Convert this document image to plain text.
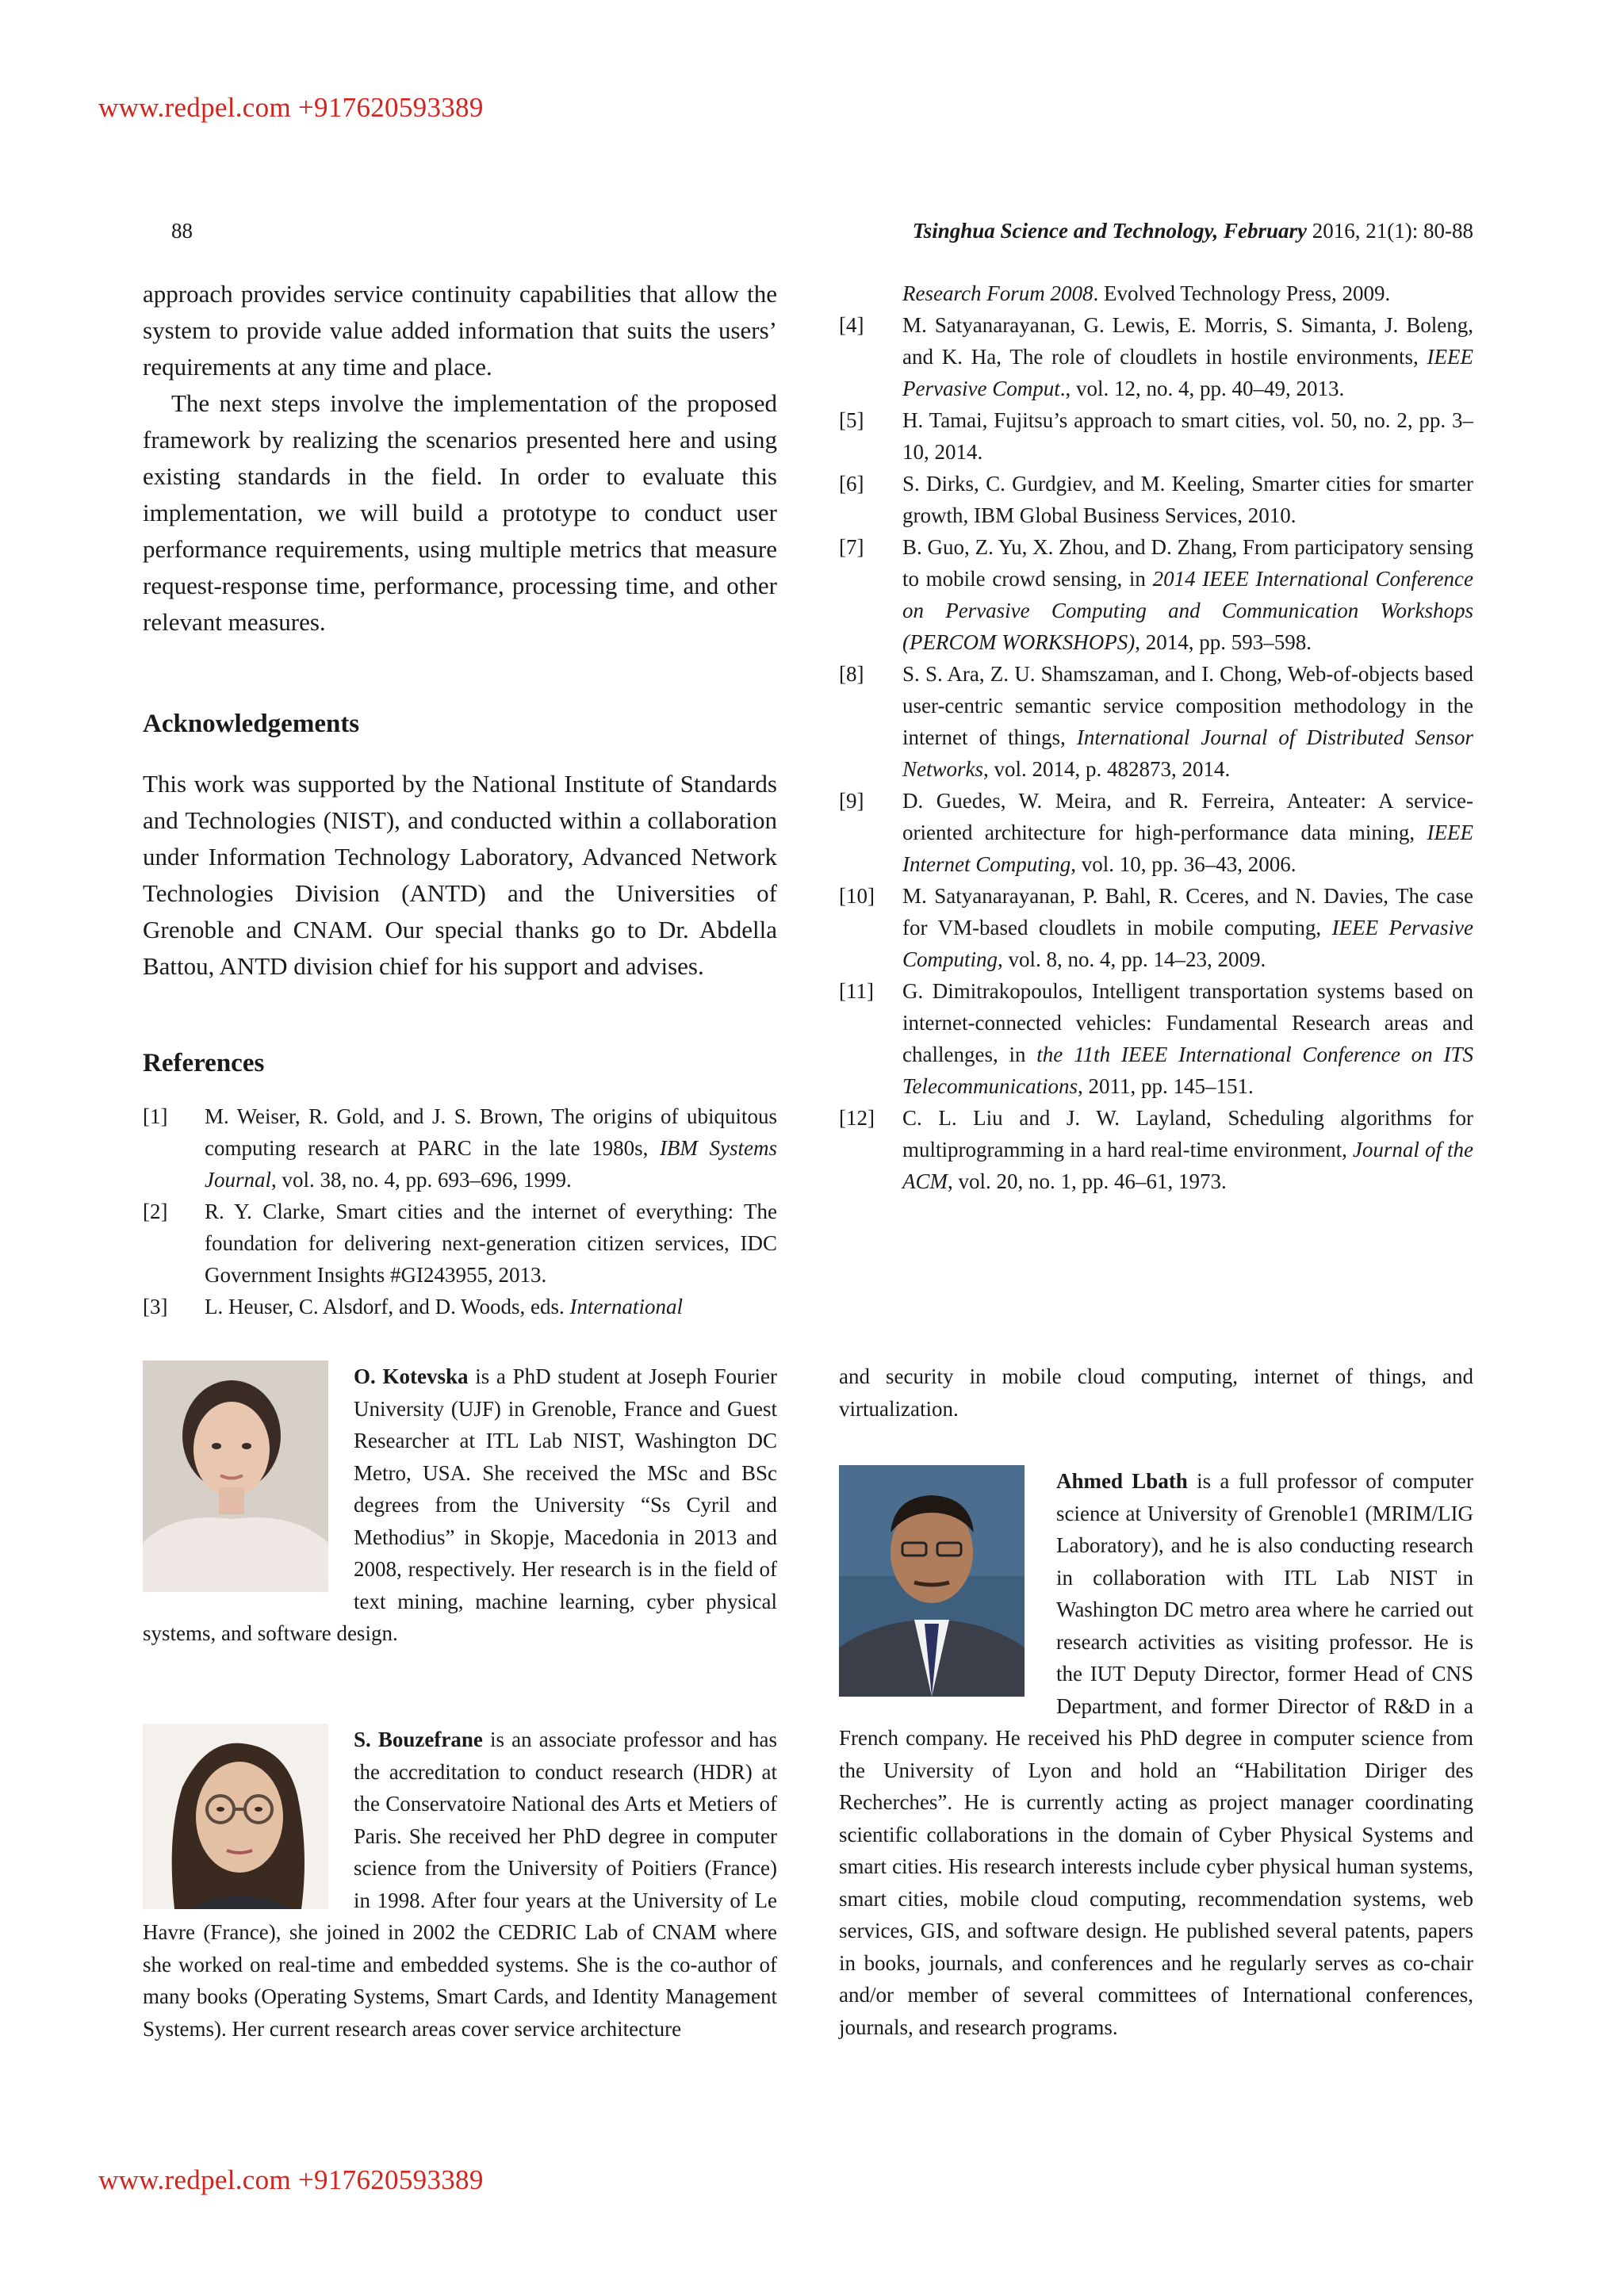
www.redpel.com +917620593389
www.redpel.com +917620593389
88	Tsinghua Science and Technology, February 2016, 21(1): 80-88

approach provides service continuity capabilities that allow the system to provide value added information that suits the users’ requirements at any time and place.

The next steps involve the implementation of the proposed framework by realizing the scenarios presented here and using existing standards in the field. In order to evaluate this implementation, we will build a prototype to conduct user performance requirements, using multiple metrics that measure request-response time, performance, processing time, and other relevant measures.

Acknowledgements

This work was supported by the National Institute of Standards and Technologies (NIST), and conducted within a collaboration under Information Technology Laboratory, Advanced Network Technologies Division (ANTD) and the Universities of Grenoble and CNAM. Our special thanks go to Dr. Abdella Battou, ANTD division chief for his support and advises.

References
[1] M. Weiser, R. Gold, and J. S. Brown, The origins of ubiquitous computing research at PARC in the late 1980s, IBM Systems Journal, vol. 38, no. 4, pp. 693–696, 1999.
[2] R. Y. Clarke, Smart cities and the internet of everything: The foundation for delivering next-generation citizen services, IDC Government Insights #GI243955, 2013.
[3] L. Heuser, C. Alsdorf, and D. Woods, eds. International
Research Forum 2008. Evolved Technology Press, 2009.
[4] M. Satyanarayanan, G. Lewis, E. Morris, S. Simanta, J. Boleng, and K. Ha, The role of cloudlets in hostile environments, IEEE Pervasive Comput., vol. 12, no. 4, pp. 40–49, 2013.
[5] H. Tamai, Fujitsu’s approach to smart cities, vol. 50, no. 2, pp. 3–10, 2014.
[6] S. Dirks, C. Gurdgiev, and M. Keeling, Smarter cities for smarter growth, IBM Global Business Services, 2010.
[7] B. Guo, Z. Yu, X. Zhou, and D. Zhang, From participatory sensing to mobile crowd sensing, in 2014 IEEE International Conference on Pervasive Computing and Communication Workshops (PERCOM WORKSHOPS), 2014, pp. 593–598.
[8] S. S. Ara, Z. U. Shamszaman, and I. Chong, Web-of-objects based user-centric semantic service composition methodology in the internet of things, International Journal of Distributed Sensor Networks, vol. 2014, p. 482873, 2014.
[9] D. Guedes, W. Meira, and R. Ferreira, Anteater: A service-oriented architecture for high-performance data mining, IEEE Internet Computing, vol. 10, pp. 36–43, 2006.
[10] M. Satyanarayanan, P. Bahl, R. Cceres, and N. Davies, The case for VM-based cloudlets in mobile computing, IEEE Pervasive Computing, vol. 8, no. 4, pp. 14–23, 2009.
[11] G. Dimitrakopoulos, Intelligent transportation systems based on internet-connected vehicles: Fundamental Research areas and challenges, in the 11th IEEE International Conference on ITS Telecommunications, 2011, pp. 145–151.
[12] C. L. Liu and J. W. Layland, Scheduling algorithms for multiprogramming in a hard real-time environment, Journal of the ACM, vol. 20, no. 1, pp. 46–61, 1973.

O. Kotevska is a PhD student at Joseph Fourier University (UJF) in Grenoble, France and Guest Researcher at ITL Lab NIST, Washington DC Metro, USA. She received the MSc and BSc degrees from the University “Ss Cyril and Methodius” in Skopje, Macedonia in 2013 and 2008, respectively. Her research is in the field of text mining, machine learning, cyber physical systems, and software design.

S. Bouzefrane is an associate professor and has the accreditation to conduct research (HDR) at the Conservatoire National des Arts et Metiers of Paris. She received her PhD degree in computer science from the University of Poitiers (France) in 1998. After four years at the University of Le Havre (France), she joined in 2002 the CEDRIC Lab of CNAM where she worked on real-time and embedded systems. She is the co-author of many books (Operating Systems, Smart Cards, and Identity Management Systems). Her current research areas cover service architecture

and security in mobile cloud computing, internet of things, and virtualization.

Ahmed Lbath is a full professor of computer science at University of Grenoble1 (MRIM/LIG Laboratory), and he is also conducting research in collaboration with ITL Lab NIST in Washington DC metro area where he carried out research activities as visiting professor. He is the IUT Deputy Director, former Head of CNS Department, and former Director of R&D in a French company. He received his PhD degree in computer science from the University of Lyon and hold an “Habilitation Diriger des Recherches”. He is currently acting as project manager coordinating scientific collaborations in the domain of Cyber Physical Systems and smart cities. His research interests include cyber physical human systems, smart cities, mobile cloud computing, recommendation systems, web services, GIS, and software design. He published several patents, papers in books, journals, and conferences and he regularly serves as co-chair and/or member of several committees of International conferences, journals, and research programs.
